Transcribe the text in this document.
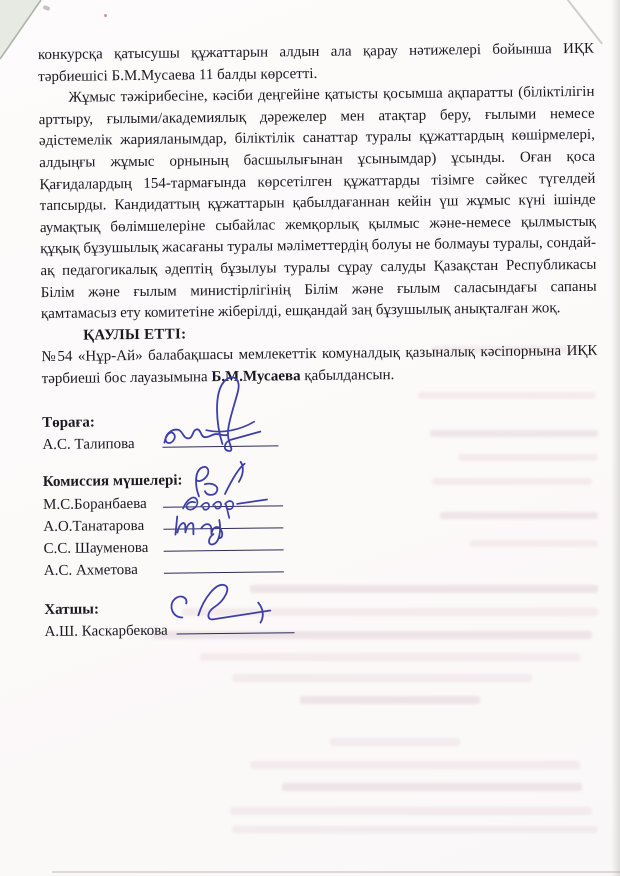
конкурсқа қатысушы құжаттарын алдын ала қарау нәтижелері бойынша ИҚК тәрбиешісі Б.М.Мусаева 11 балды көрсетті.

Жұмыс тәжірибесіне, кәсіби деңгейіне қатысты қосымша ақпаратты (біліктілігін арттыру, ғылыми/академиялық дәрежелер мен атақтар беру, ғылыми немесе әдістемелік жарияланымдар, біліктілік санаттар туралы құжаттардың көшірмелері, алдыңғы жұмыс орнының басшылығынан ұсынымдар) ұсынды. Оған қоса Қағидалардың 154-тармағында көрсетілген құжаттарды тізімге сәйкес түгелдей тапсырды. Кандидаттың құжаттарын қабылдағаннан кейін үш жұмыс күні ішінде аумақтық бөлімшелеріне сыбайлас жемқорлық қылмыс және-немесе қылмыстық құқық бұзушылық жасағаны туралы мәліметтердің болуы не болмауы туралы, сондай-ақ педагогикалық әдептің бұзылуы туралы сұрау салуды Қазақстан Республикасы Білім және ғылым министірлігінің Білім және ғылым саласындағы сапаны қамтамасыз ету комитетіне жіберілді, ешқандай заң бұзушылық анықталған жоқ.

ҚАУЛЫ ЕТТІ:

№54 «Нұр-Ай» балабақшасы мемлекеттік комуналдық қазыналық кәсіпорнына ИҚК тәрбиеші бос лауазымына Б.М.Мусаева қабылдансын.

Төраға:
А.С. Талипова
Комиссия мүшелері:
М.С.Боранбаева
А.О.Танатарова
С.С. Шауменова
А.С. Ахметова
Хатшы:
А.Ш. Каскарбекова
